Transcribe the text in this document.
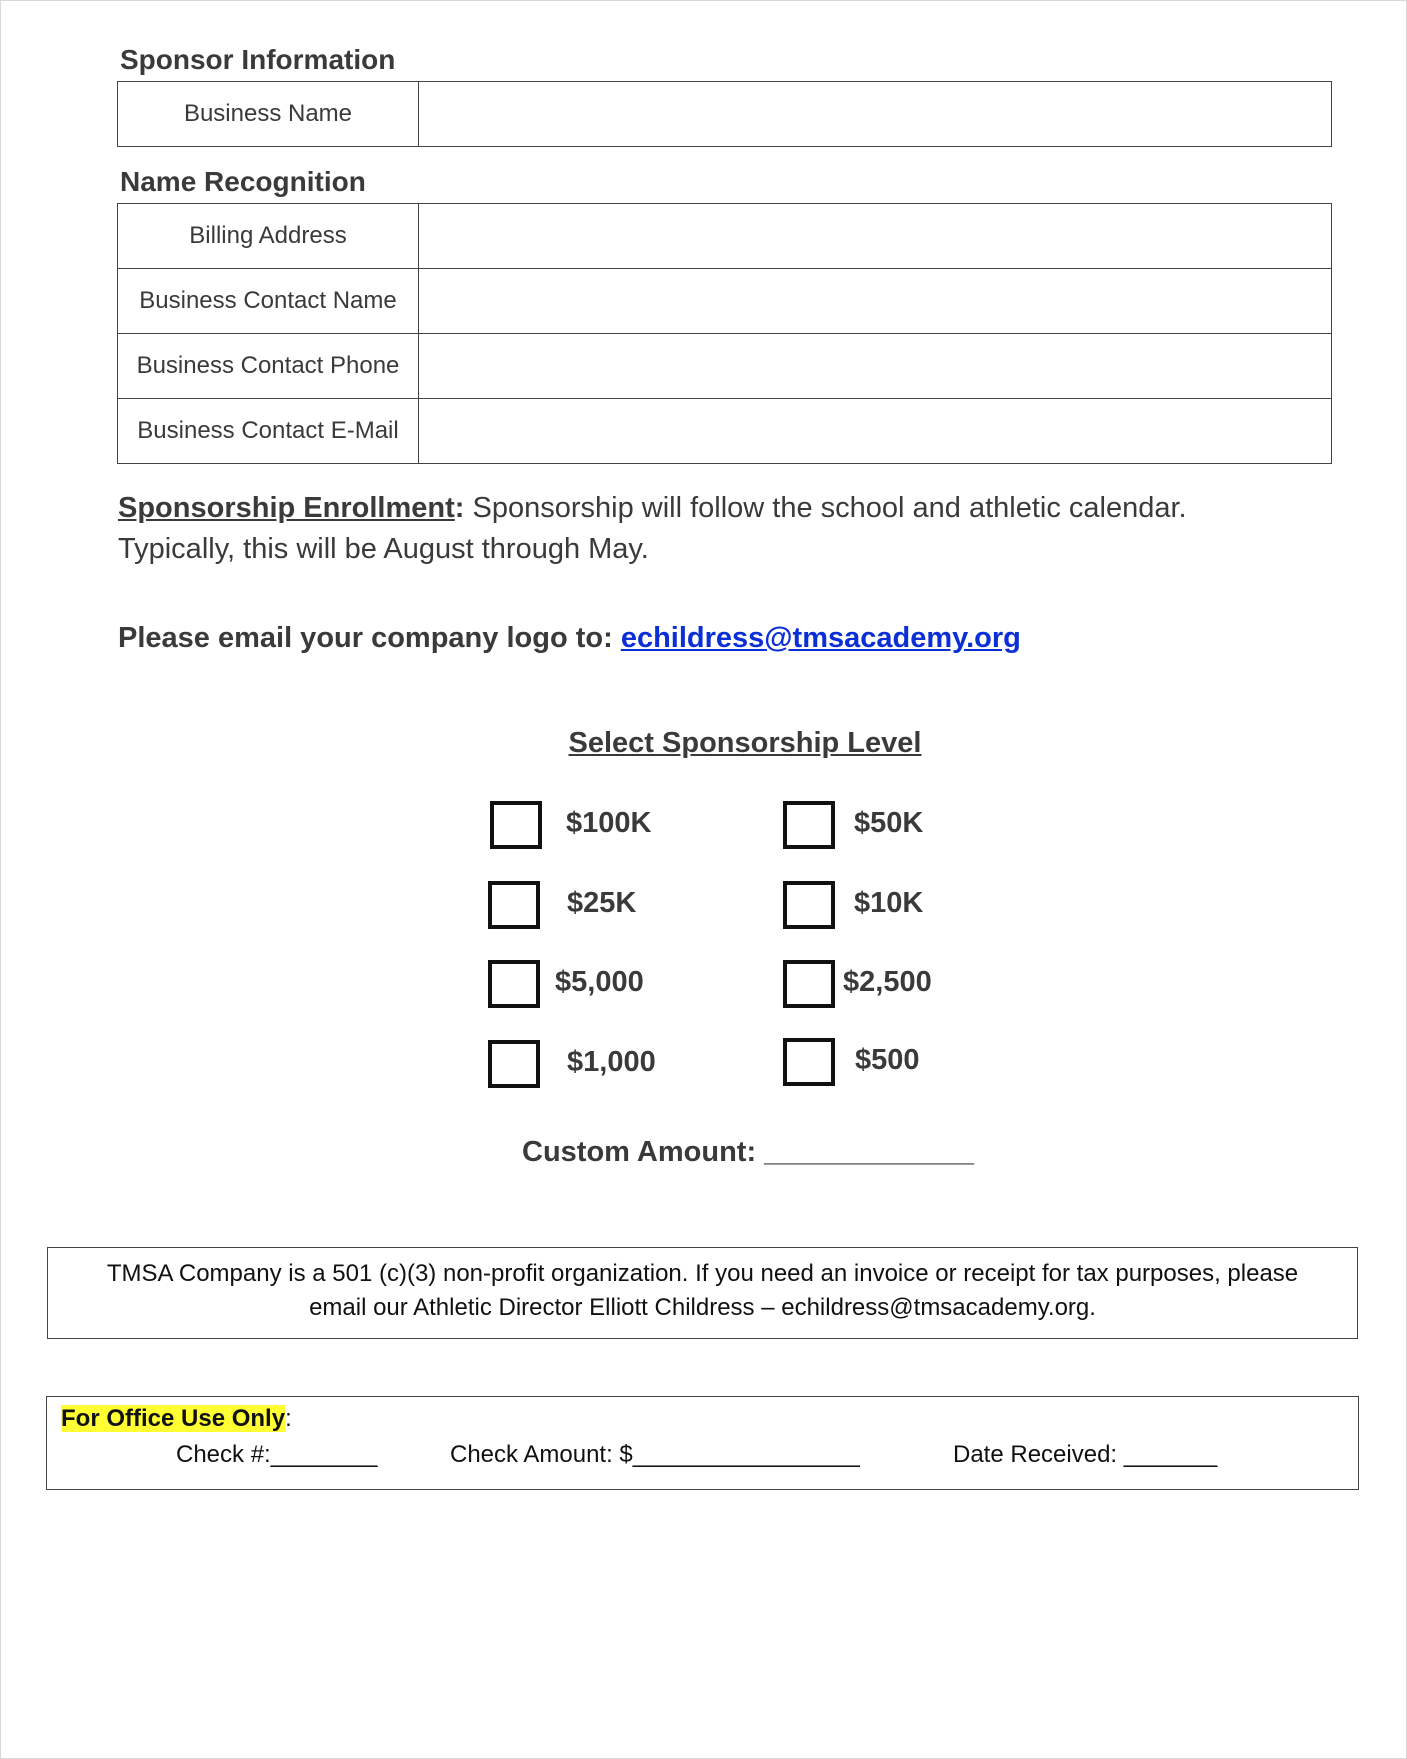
Sponsor Information
Business Name	
Name Recognition
Billing Address	
Business Contact Name	
Business Contact Phone	
Business Contact E-Mail	
Sponsorship Enrollment: Sponsorship will follow the school and athletic calendar. Typically, this will be August through May.
Please email your company logo to: echildress@tmsacademy.org
Select Sponsorship Level
$100K	$50K
$25K	$10K
$5,000	$2,500
$1,000	$500
Custom Amount: _____________
TMSA Company is a 501 (c)(3) non-profit organization. If you need an invoice or receipt for tax purposes, please
email our Athletic Director Elliott Childress – echildress@tmsacademy.org.
For Office Use Only:
Check #:________	Check Amount: $_________________	Date Received: _______
